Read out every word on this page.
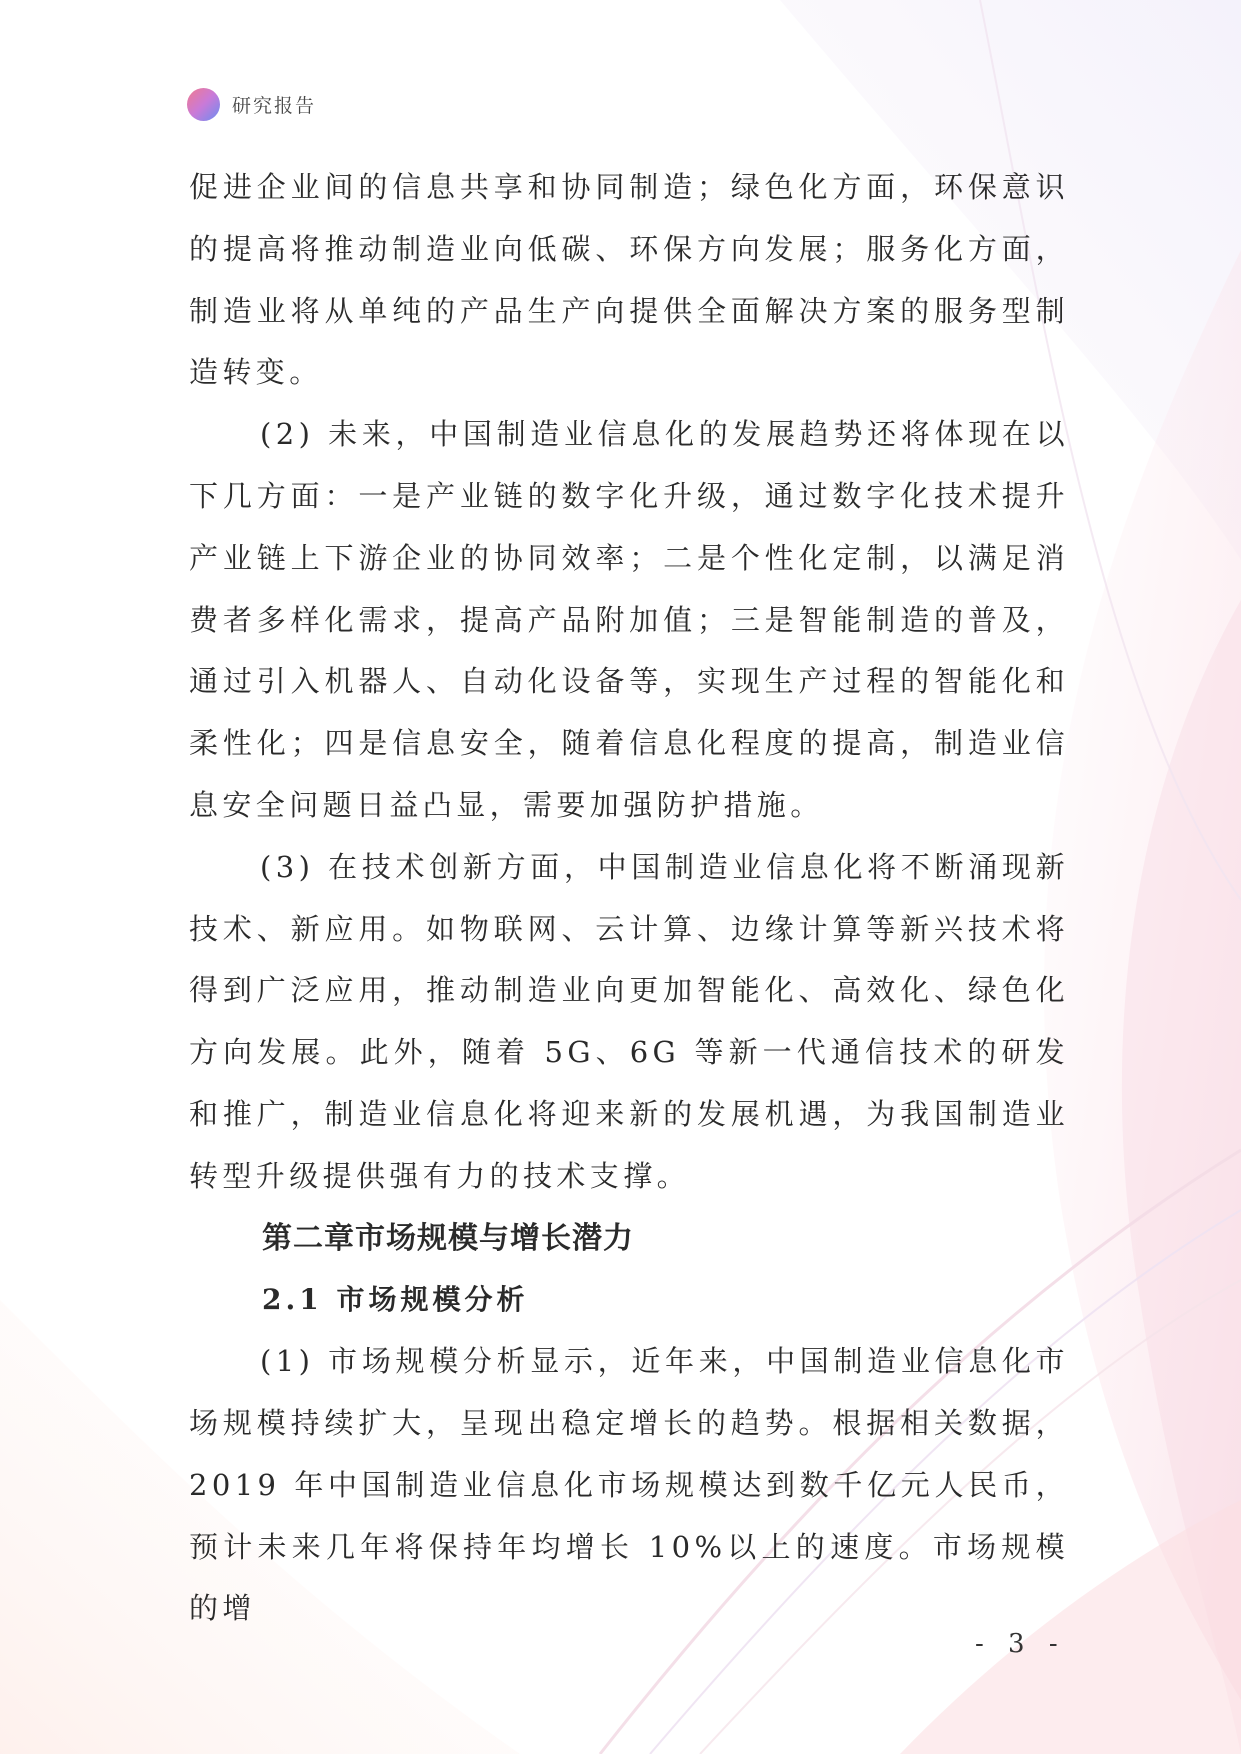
研究报告

促进企业间的信息共享和协同制造；绿色化方面，环保意识的提高将推动制造业向低碳、环保方向发展；服务化方面，制造业将从单纯的产品生产向提供全面解决方案的服务型制造转变。

(2) 未来，中国制造业信息化的发展趋势还将体现在以下几方面：一是产业链的数字化升级，通过数字化技术提升产业链上下游企业的协同效率；二是个性化定制，以满足消费者多样化需求，提高产品附加值；三是智能制造的普及，通过引入机器人、自动化设备等，实现生产过程的智能化和柔性化；四是信息安全，随着信息化程度的提高，制造业信息安全问题日益凸显，需要加强防护措施。

(3) 在技术创新方面，中国制造业信息化将不断涌现新技术、新应用。如物联网、云计算、边缘计算等新兴技术将得到广泛应用，推动制造业向更加智能化、高效化、绿色化方向发展。此外，随着 5G、6G 等新一代通信技术的研发和推广，制造业信息化将迎来新的发展机遇，为我国制造业转型升级提供强有力的技术支撑。

第二章市场规模与增长潜力
2.1 市场规模分析

(1) 市场规模分析显示，近年来，中国制造业信息化市场规模持续扩大，呈现出稳定增长的趋势。根据相关数据，2019 年中国制造业信息化市场规模达到数千亿元人民币，预计未来几年将保持年均增长 10%以上的速度。市场规模的增

- 3 -
